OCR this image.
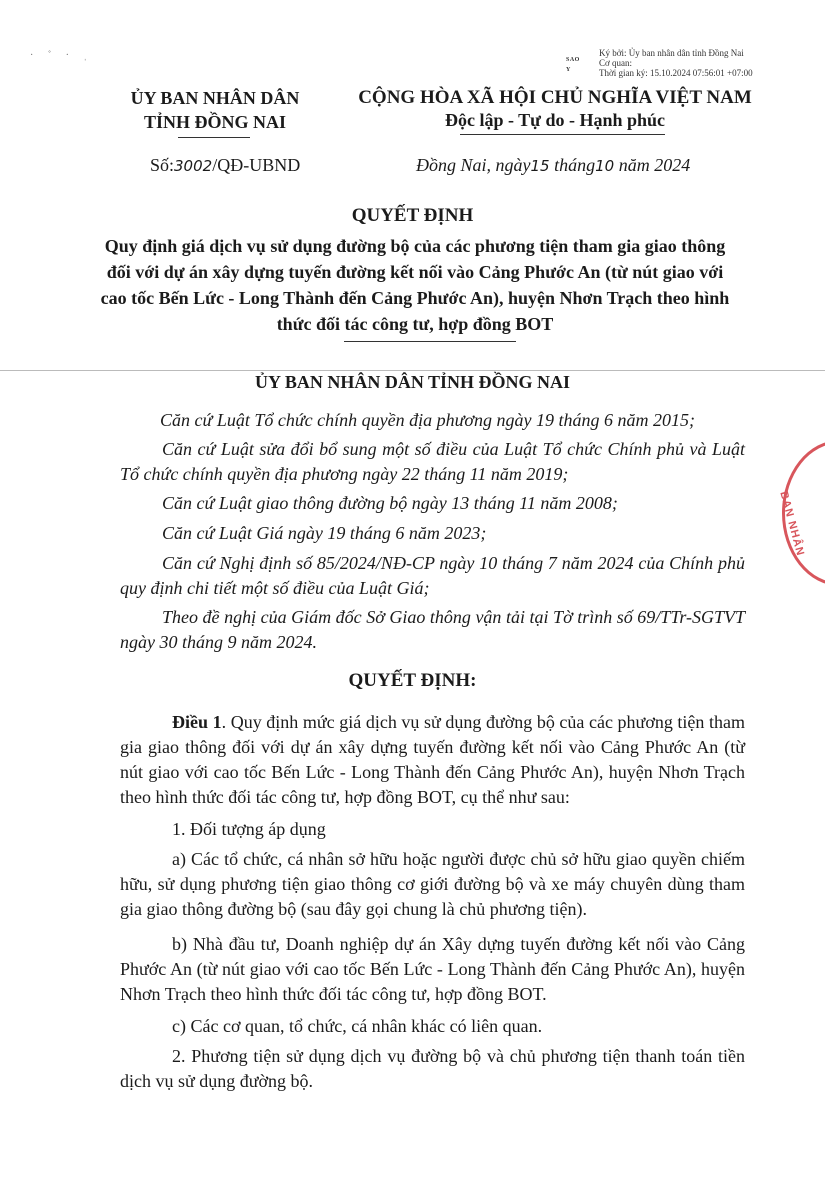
· ˚ · ˌ	SAO Y
Ký bởi: Ủy ban nhân dân tỉnh Đồng Nai
Cơ quan:
Thời gian ký: 15.10.2024 07:56:01 +07:00
ỦY BAN NHÂN DÂN
TỈNH ĐỒNG NAI
Số:3002/QĐ-UBND
CỘNG HÒA XÃ HỘI CHỦ NGHĨA VIỆT NAM
Độc lập - Tự do - Hạnh phúc
Đồng Nai, ngày15 tháng10 năm 2024
QUYẾT ĐỊNH
Quy định giá dịch vụ sử dụng đường bộ của các phương tiện tham gia giao thông đối với dự án xây dựng tuyến đường kết nối vào Cảng Phước An (từ nút giao với cao tốc Bến Lức - Long Thành đến Cảng Phước An), huyện Nhơn Trạch theo hình thức đối tác công tư, hợp đồng BOT
ỦY BAN NHÂN DÂN TỈNH ĐỒNG NAI
Căn cứ Luật Tổ chức chính quyền địa phương ngày 19 tháng 6 năm 2015;
Căn cứ Luật sửa đổi bổ sung một số điều của Luật Tổ chức Chính phủ và Luật Tổ chức chính quyền địa phương ngày 22 tháng 11 năm 2019;
Căn cứ Luật giao thông đường bộ ngày 13 tháng 11 năm 2008;
Căn cứ Luật Giá ngày 19 tháng 6 năm 2023;
Căn cứ Nghị định số 85/2024/NĐ-CP ngày 10 tháng 7 năm 2024 của Chính phủ quy định chi tiết một số điều của Luật Giá;
Theo đề nghị của Giám đốc Sở Giao thông vận tải tại Tờ trình số 69/TTr-SGTVT ngày 30 tháng 9 năm 2024.
QUYẾT ĐỊNH:
Điều 1. Quy định mức giá dịch vụ sử dụng đường bộ của các phương tiện tham gia giao thông đối với dự án xây dựng tuyến đường kết nối vào Cảng Phước An (từ nút giao với cao tốc Bến Lức - Long Thành đến Cảng Phước An), huyện Nhơn Trạch theo hình thức đối tác công tư, hợp đồng BOT, cụ thể như sau:
1. Đối tượng áp dụng
a) Các tổ chức, cá nhân sở hữu hoặc người được chủ sở hữu giao quyền chiếm hữu, sử dụng phương tiện giao thông cơ giới đường bộ và xe máy chuyên dùng tham gia giao thông đường bộ (sau đây gọi chung là chủ phương tiện).
b) Nhà đầu tư, Doanh nghiệp dự án Xây dựng tuyến đường kết nối vào Cảng Phước An (từ nút giao với cao tốc Bến Lức - Long Thành đến Cảng Phước An), huyện Nhơn Trạch theo hình thức đối tác công tư, hợp đồng BOT.
c) Các cơ quan, tổ chức, cá nhân khác có liên quan.
2. Phương tiện sử dụng dịch vụ đường bộ và chủ phương tiện thanh toán tiền dịch vụ sử dụng đường bộ.
BAN NHÂN
